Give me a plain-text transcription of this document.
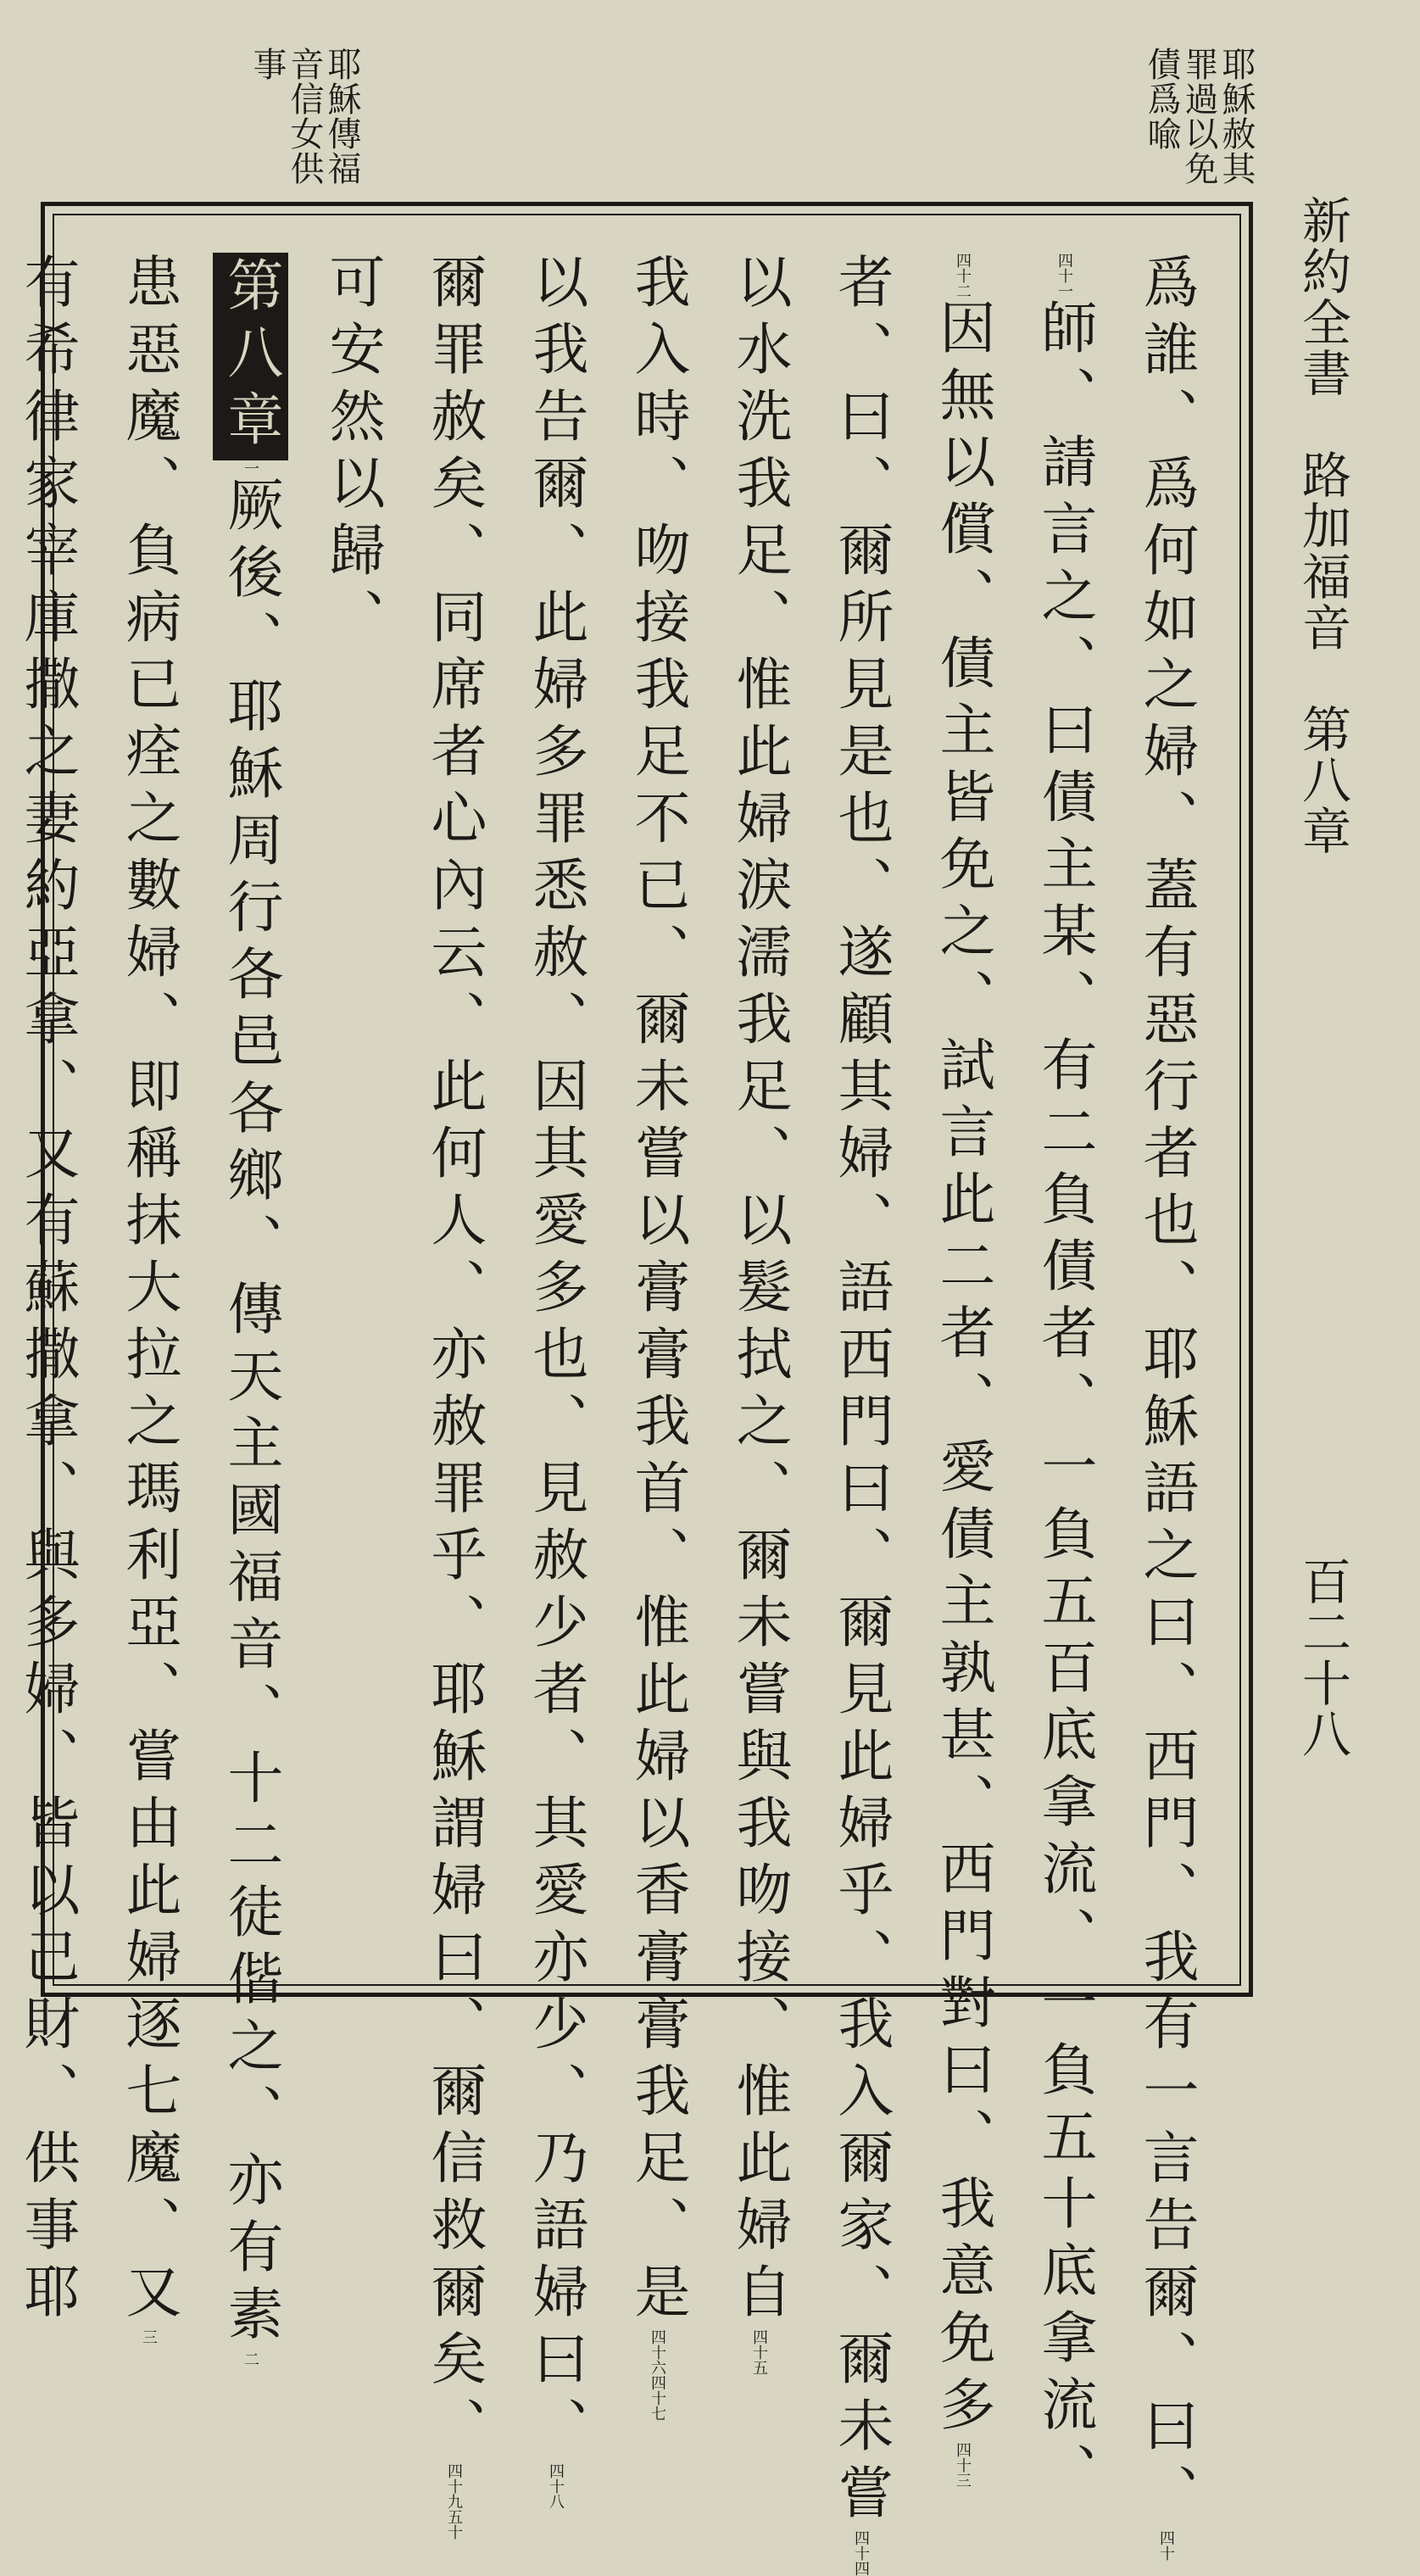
新約全書　路加福音　第八章
百二十八
耶穌赦其罪過以免債爲喩
耶穌傳福音信女供事
爲誰、爲何如之婦、蓋有惡行者也、耶穌語之曰、西門、我有一言告爾、曰、$^{四十}$
$^{四十一}$師、請言之、曰債主某、有二負債者、一負五百底拿流、一負五十底拿流、
$^{四十二}$因無以償、債主皆免之、試言此二者、愛債主孰甚、西門對曰、我意免多$^{四十三}$
者、曰、爾所見是也、遂顧其婦、語西門曰、爾見此婦乎、我入爾家、爾未嘗$^{四十四}$
以水洗我足、惟此婦淚濡我足、以髮拭之、爾未嘗與我吻接、惟此婦自$^{四十五}$
我入時、吻接我足不已、爾未嘗以膏膏我首、惟此婦以香膏膏我足、是$^{四十六四十七}$
以我告爾、此婦多罪悉赦、因其愛多也、見赦少者、其愛亦少、乃語婦曰、$^{四十八}$
爾罪赦矣、同席者心內云、此何人、亦赦罪乎、耶穌謂婦曰、爾信救爾矣、$^{四十九五十}$
可安然以歸、
第八章$^一$厥後、耶穌周行各邑各鄉、傳天主國福音、十二徒偕之、亦有素$^二$
患惡魔、負病已痊之數婦、即稱抹大拉之瑪利亞、嘗由此婦逐七魔、又$^三$
有希律家宰庫撒之妻約亞拿、又有蘇撒拿、與多婦、皆以己財、供事耶
